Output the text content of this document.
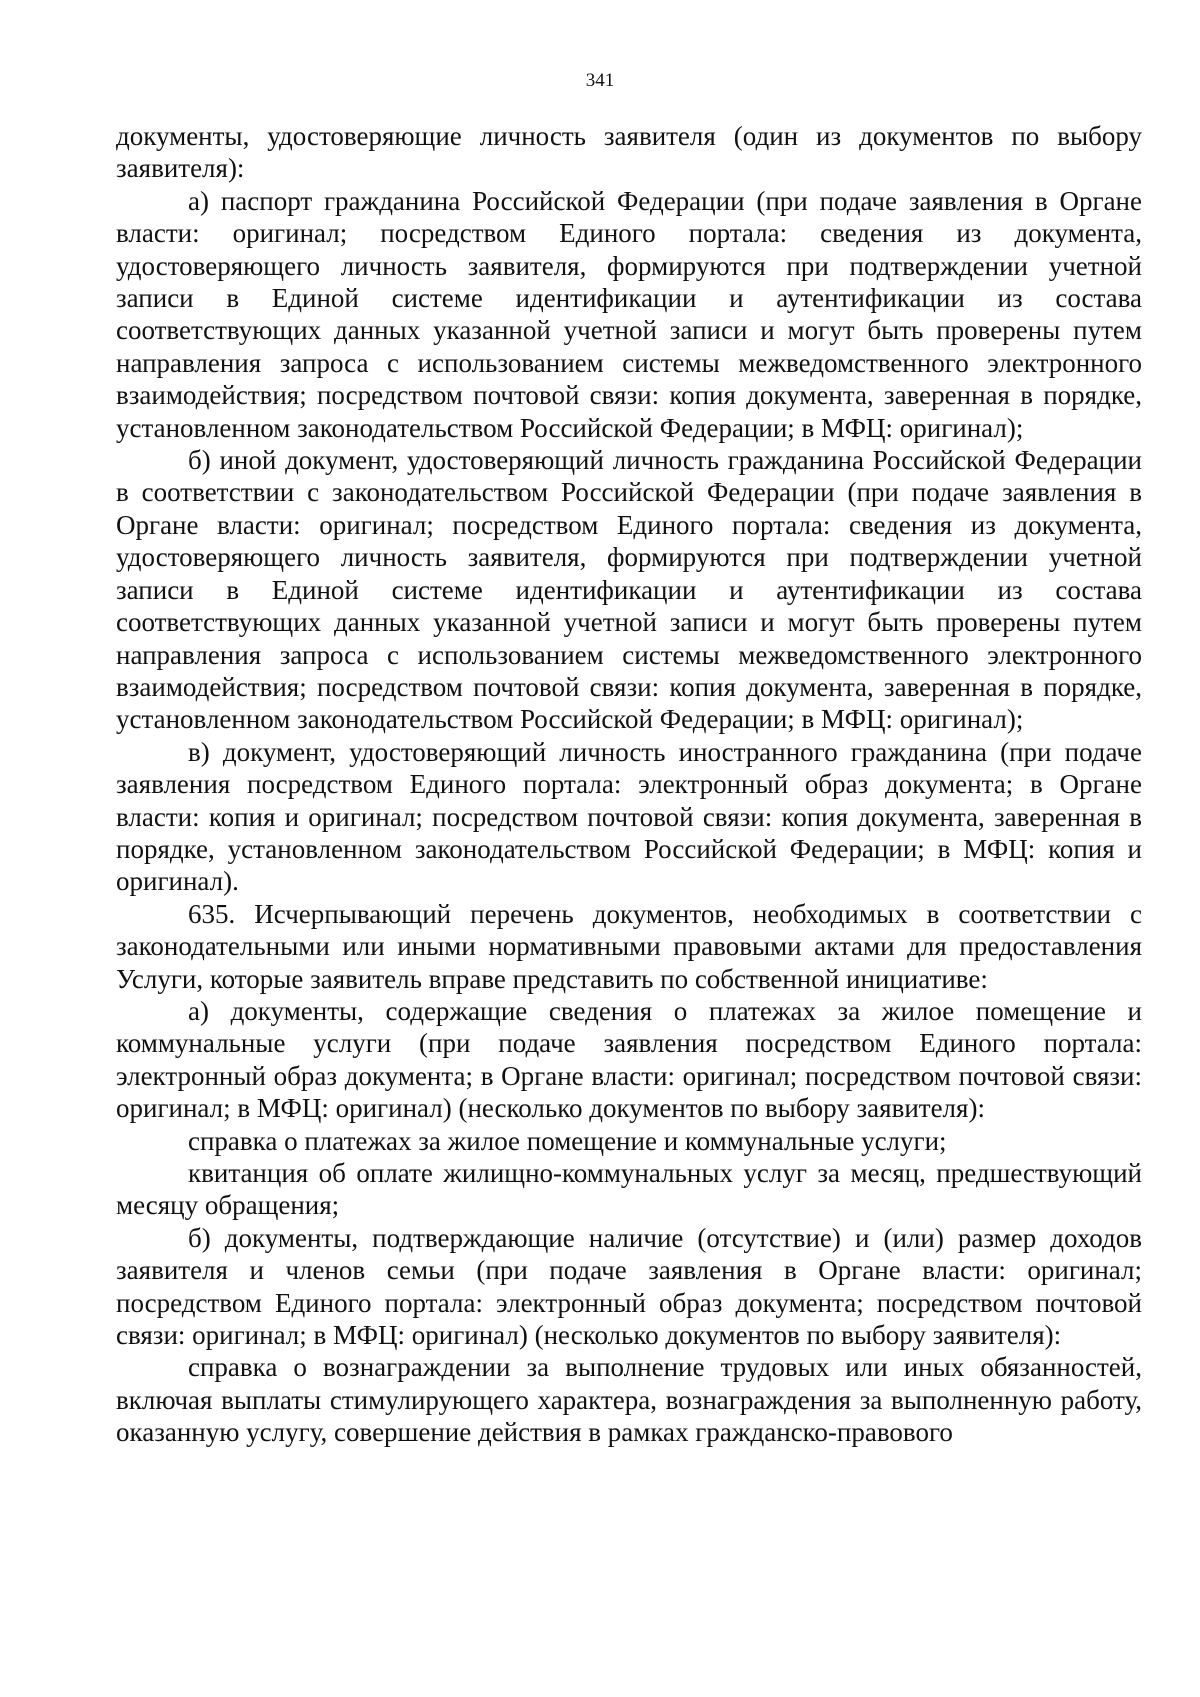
341

документы, удостоверяющие личность заявителя (один из документов по выбору заявителя):

а) паспорт гражданина Российской Федерации (при подаче заявления в Органе власти: оригинал; посредством Единого портала: сведения из документа, удостоверяющего личность заявителя, формируются при подтверждении учетной записи в Единой системе идентификации и аутентификации из состава соответствующих данных указанной учетной записи и могут быть проверены путем направления запроса с использованием системы межведомственного электронного взаимодействия; посредством почтовой связи: копия документа, заверенная в порядке, установленном законодательством Российской Федерации; в МФЦ: оригинал);

б) иной документ, удостоверяющий личность гражданина Российской Федерации в соответствии с законодательством Российской Федерации (при подаче заявления в Органе власти: оригинал; посредством Единого портала: сведения из документа, удостоверяющего личность заявителя, формируются при подтверждении учетной записи в Единой системе идентификации и аутентификации из состава соответствующих данных указанной учетной записи и могут быть проверены путем направления запроса с использованием системы межведомственного электронного взаимодействия; посредством почтовой связи: копия документа, заверенная в порядке, установленном законодательством Российской Федерации; в МФЦ: оригинал);

в) документ, удостоверяющий личность иностранного гражданина (при подаче заявления посредством Единого портала: электронный образ документа; в Органе власти: копия и оригинал; посредством почтовой связи: копия документа, заверенная в порядке, установленном законодательством Российской Федерации; в МФЦ: копия и оригинал).

635. Исчерпывающий перечень документов, необходимых в соответствии с законодательными или иными нормативными правовыми актами для предоставления Услуги, которые заявитель вправе представить по собственной инициативе:

а) документы, содержащие сведения о платежах за жилое помещение и коммунальные услуги (при подаче заявления посредством Единого портала: электронный образ документа; в Органе власти: оригинал; посредством почтовой связи: оригинал; в МФЦ: оригинал) (несколько документов по выбору заявителя):

справка о платежах за жилое помещение и коммунальные услуги;

квитанция об оплате жилищно-коммунальных услуг за месяц, предшествующий месяцу обращения;

б) документы, подтверждающие наличие (отсутствие) и (или) размер доходов заявителя и членов семьи (при подаче заявления в Органе власти: оригинал; посредством Единого портала: электронный образ документа; посредством почтовой связи: оригинал; в МФЦ: оригинал) (несколько документов по выбору заявителя):

справка о вознаграждении за выполнение трудовых или иных обязанностей, включая выплаты стимулирующего характера, вознаграждения за выполненную работу, оказанную услугу, совершение действия в рамках гражданско-правового
